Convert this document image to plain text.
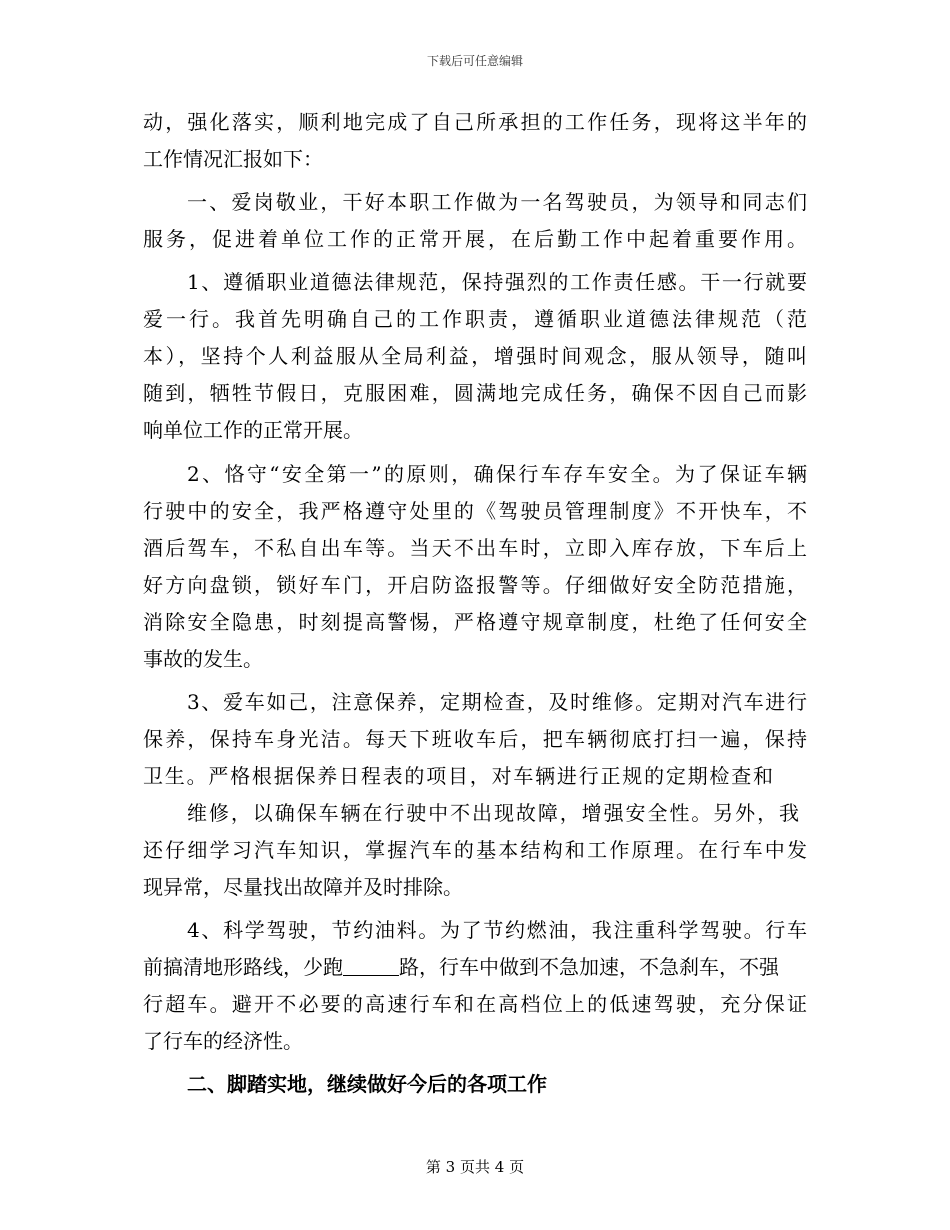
下载后可任意编辑
动，强化落实，顺利地完成了自己所承担的工作任务，现将这半年的
工作情况汇报如下：
一、爱岗敬业，干好本职工作做为一名驾驶员，为领导和同志们
服务，促进着单位工作的正常开展，在后勤工作中起着重要作用。
1、遵循职业道德法律规范，保持强烈的工作责任感。干一行就要
爱一行。我首先明确自己的工作职责，遵循职业道德法律规范（范
本），坚持个人利益服从全局利益，增强时间观念，服从领导，随叫
随到，牺牲节假日，克服困难，圆满地完成任务，确保不因自己而影
响单位工作的正常开展。
2、恪守“安全第一”的原则，确保行车存车安全。为了保证车辆
行驶中的安全，我严格遵守处里的《驾驶员管理制度》不开快车，不
酒后驾车，不私自出车等。当天不出车时，立即入库存放，下车后上
好方向盘锁，锁好车门，开启防盗报警等。仔细做好安全防范措施，
消除安全隐患，时刻提高警惕，严格遵守规章制度，杜绝了任何安全
事故的发生。
3、爱车如己，注意保养，定期检查，及时维修。定期对汽车进行
保养，保持车身光洁。每天下班收车后，把车辆彻底打扫一遍，保持
卫生。严格根据保养日程表的项目，对车辆进行正规的定期检查和
维修，以确保车辆在行驶中不出现故障，增强安全性。另外，我
还仔细学习汽车知识，掌握汽车的基本结构和工作原理。在行车中发
现异常，尽量找出故障并及时排除。
4、科学驾驶，节约油料。为了节约燃油，我注重科学驾驶。行车
前搞清地形路线，少跑	路，行车中做到不急加速，不急刹车，不强
行超车。避开不必要的高速行车和在高档位上的低速驾驶，充分保证
了行车的经济性。
二、脚踏实地，继续做好今后的各项工作
第 3 页共 4 页
